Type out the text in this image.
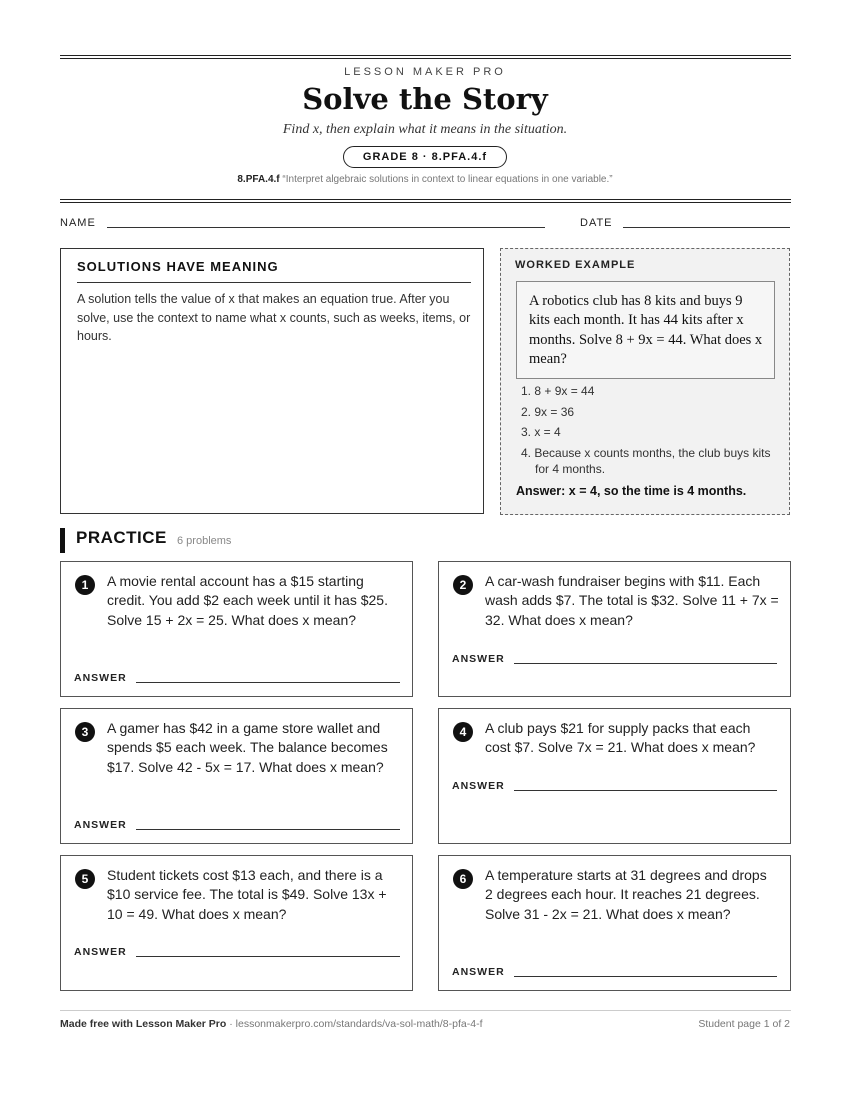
LESSON MAKER PRO
Solve the Story
Find x, then explain what it means in the situation.
GRADE 8 · 8.PFA.4.f
8.PFA.4.f “Interpret algebraic solutions in context to linear equations in one variable.”
NAME	DATE
SOLUTIONS HAVE MEANING
A solution tells the value of x that makes an equation true. After you solve, use the context to name what x counts, such as weeks, items, or hours.
WORKED EXAMPLE
A robotics club has 8 kits and buys 9 kits each month. It has 44 kits after x months. Solve 8 + 9x = 44. What does x mean?
1. 8 + 9x = 44
2. 9x = 36
3. x = 4
4. Because x counts months, the club buys kits for 4 months.
Answer: x = 4, so the time is 4 months.
PRACTICE 6 problems
1	A movie rental account has a $15 starting credit. You add $2 each week until it has $25. Solve 15 + 2x = 25. What does x mean?
ANSWER
2	A car-wash fundraiser begins with $11. Each wash adds $7. The total is $32. Solve 11 + 7x = 32. What does x mean?
ANSWER
3	A gamer has $42 in a game store wallet and spends $5 each week. The balance becomes $17. Solve 42 - 5x = 17. What does x mean?
ANSWER
4	A club pays $21 for supply packs that each cost $7. Solve 7x = 21. What does x mean?
ANSWER
5	Student tickets cost $13 each, and there is a $10 service fee. The total is $49. Solve 13x + 10 = 49. What does x mean?
ANSWER
6	A temperature starts at 31 degrees and drops 2 degrees each hour. It reaches 21 degrees. Solve 31 - 2x = 21. What does x mean?
ANSWER
Made free with Lesson Maker Pro · lessonmakerpro.com/standards/va-sol-math/8-pfa-4-f	Student page 1 of 2
